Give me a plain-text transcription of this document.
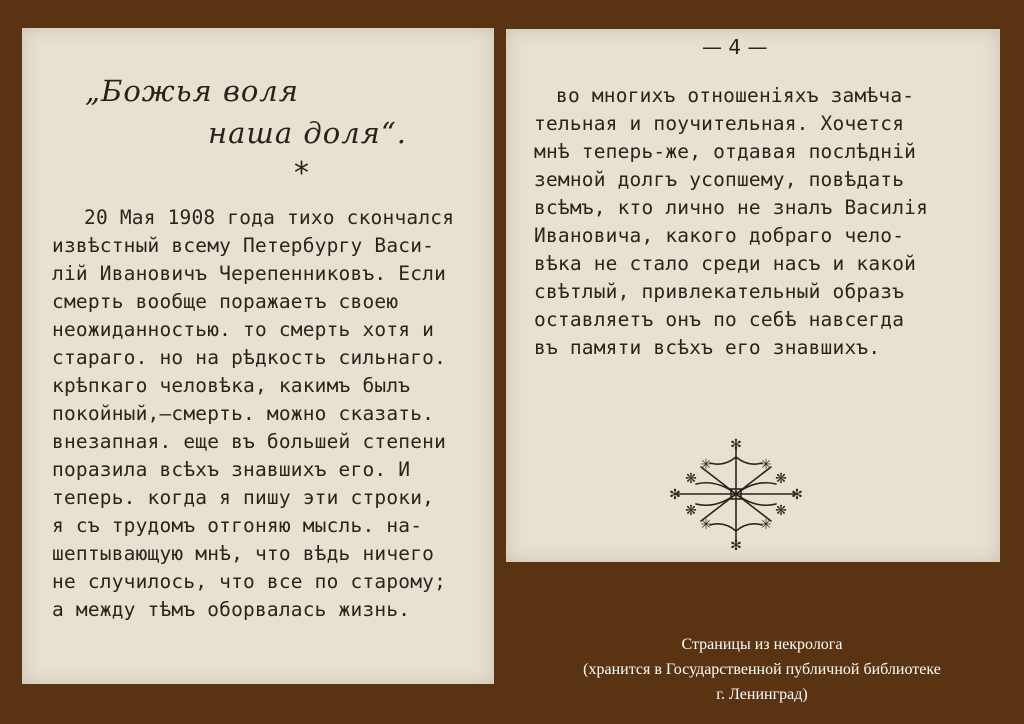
„Божья воля
наша доля“.
*
20 Мая 1908 года тихо скончался
извѣстный всему Петербургу Васи-
лій Ивановичъ Черепенниковъ. Если
смерть вообще поражаетъ своею
неожиданностью. то смерть хотя и
стараго. но на рѣдкость сильнаго.
крѣпкаго человѣка, какимъ былъ
покойный,—смерть. можно сказать.
внезапная. еще въ большей степени
поразила всѣхъ знавшихъ его. И
теперь. когда я пишу эти строки,
я съ трудомъ отгоняю мысль. на-
шептывающую мнѣ, что вѣдь ничего
не случилось, что все по старому;
а между тѣмъ оборвалась жизнь.
— 4 —
во многихъ отношеніяхъ замѣча-
тельная и поучительная. Хочется
мнѣ теперь-же, отдавая послѣдній
земной долгъ усопшему, повѣдать
всѣмъ, кто лично не зналъ Василія
Ивановича, какого добраго чело-
вѣка не стало среди насъ и какой
свѣтлый, привлекательный образъ
оставляетъ онъ по себѣ навсегда
въ памяти всѣхъ его знавшихъ.
✻
✻
✻	✻
✳	✳
✳	✳
❋	❋
❋	❋
Страницы из некролога
(хранится в Государственной публичной библиотеке
г. Ленинград)
